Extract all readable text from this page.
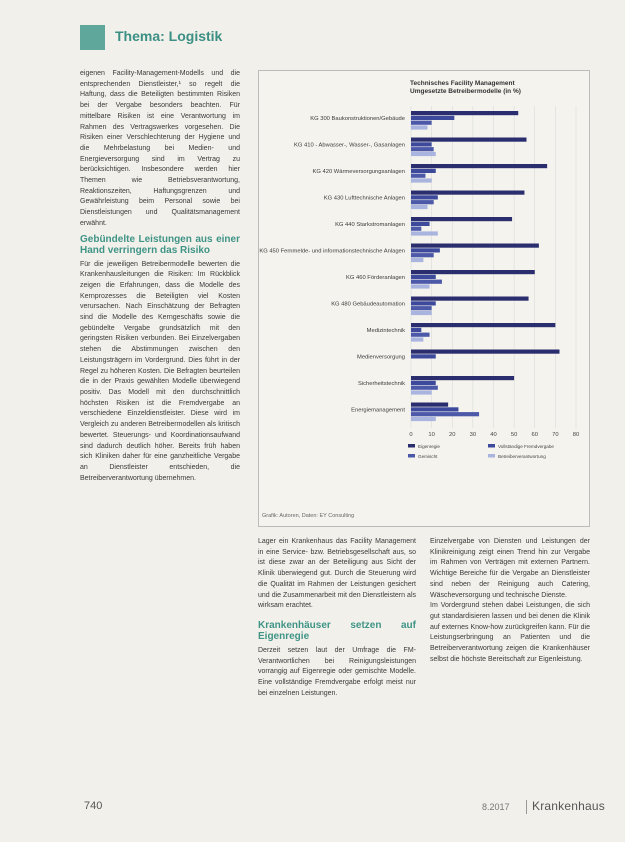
Thema: Logistik

eigenen Facility-Management-Modells und die entsprechenden Dienstleister,¹ so regelt die Haftung, dass die Beteiligten bestimmten Risiken bei der Vergabe besonders beachten. Für mittelbare Risiken ist eine Verantwortung im Rahmen des Vertragswerkes vorgesehen. Die Risiken einer Verschlechterung der Hygiene und die Mehrbelastung bei Medien- und Energieversorgung sind im Vertrag zu berücksichtigen. Insbesondere werden hier Themen wie Betriebsverantwortung, Reaktionszeiten, Haftungsgrenzen und Gewährleistung beim Personal sowie bei Dienstleistungen und Qualitätsmanagement erwähnt.

Gebündelte Leistungen aus einer Hand verringern das Risiko

Für die jeweiligen Betreibermodelle bewerten die Krankenhausleitungen die Risiken: Im Rückblick zeigen die Erfahrungen, dass die Modelle des Kernprozesses die Beteiligten viel Kosten verursachen. Nach Einschätzung der Befragten sind die Modelle des Kerngeschäfts sowie die gebündelte Vergabe grundsätzlich mit den geringsten Risiken verbunden. Bei Einzelvergaben stehen die Abstimmungen zwischen den Leistungsträgern im Vordergrund. Dies führt in der Regel zu höheren Kosten. Die Befragten beurteilen die in der Praxis gewählten Modelle überwiegend positiv. Das Modell mit den durchschnittlich höchsten Risiken ist die Fremdvergabe an verschiedene Einzeldienstleister. Diese wird im Vergleich zu anderen Betreibermodellen als kritisch bewertet. Steuerungs- und Koordinationsaufwand sind dadurch deutlich höher. Bereits früh haben sich Kliniken daher für eine ganzheitliche Vergabe an Dienstleister entschieden, die Betreiberverantwortung übernehmen.

Technisches Facility Management
Umgesetzte Betreibermodelle (in %)
KG 300 Baukonstruktionen/Gebäude
KG 410 - Abwasser-, Wasser-, Gasanlagen
KG 420 Wärmeversorgungsanlagen
KG 430 Lufttechnische Anlagen
KG 440 Starkstromanlagen
KG 450 Fernmelde- und informationstechnische Anlagen
KG 460 Förderanlagen
KG 480 Gebäudeautomation
Medizintechnik
Medienversorgung
Sicherheitstechnik
Energiemanagement
0	10 20 30 40 50 60 70 80
Eigenregie	Vollständige Fremdvergabe
Gemischt	Betreiberverantwortung
Grafik: Autoren, Daten: EY Consulting

Lager ein Krankenhaus das Facility Management in eine Service- bzw. Betriebsgesellschaft aus, so ist diese zwar an der Beteiligung aus Sicht der Klinik überwiegend gut. Durch die Steuerung wird die Qualität im Rahmen der Leistungen gesichert und die Zusammenarbeit mit den Dienstleistern als wirksam erachtet.

Krankenhäuser setzen auf Eigenregie

Derzeit setzen laut der Umfrage die FM-Verantwortlichen bei Reinigungsleistungen vorrangig auf Eigenregie oder gemischte Modelle. Eine vollständige Fremdvergabe erfolgt meist nur bei einzelnen Leistungen.

Einzelvergabe von Diensten und Leistungen der Klinikreinigung zeigt einen Trend hin zur Vergabe im Rahmen von Verträgen mit externen Partnern. Wichtige Bereiche für die Vergabe an Dienstleister sind neben der Reinigung auch Catering, Wäscheversorgung und technische Dienste.

Im Vordergrund stehen dabei Leistungen, die sich gut standardisieren lassen und bei denen die Klinik auf externes Know-how zurückgreifen kann. Für die Leistungserbringung an Patienten und die Betreiberverantwortung zeigen die Krankenhäuser selbst die höchste Bereitschaft zur Eigenleistung.

740	8.2017 Krankenhaus
